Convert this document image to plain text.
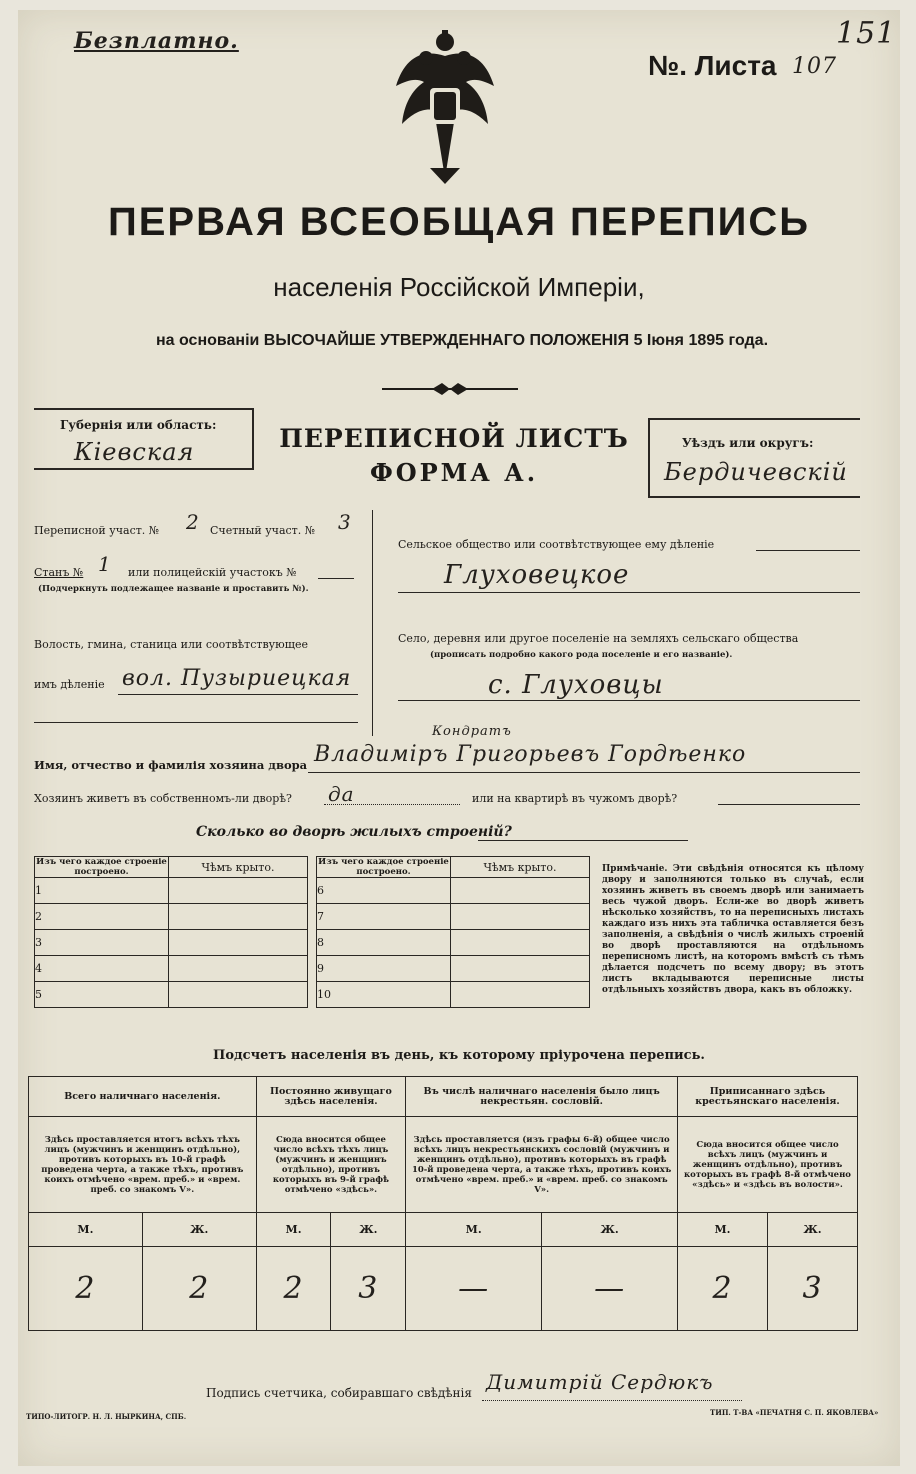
Безплатно.
№. Листа 107
151
ПЕРВАЯ ВСЕОБЩАЯ ПЕРЕПИСЬ
населенія Россійской Имперіи,
на основаніи ВЫСОЧАЙШЕ УТВЕРЖДЕННАГО ПОЛОЖЕНІЯ 5 Іюня 1895 года.
Губернія или область:
Кіевская	ПЕРЕПИСНОЙ ЛИСТЪ
ФОРМА А.
Уѣздъ или округъ:
Бердичевскій
Переписной участ. № 2 Счетный участ. № 3
Станъ № 1 или полицейскій участокъ №
(Подчеркнуть подлежащее названіе и проставить №).
Волость, гмина, станица или соотвѣтствующее
имъ дѣленіе вол. Пузыриецкая
Сельское общество или соотвѣтствующее ему дѣленіе
Глуховецкое
Село, деревня или другое поселеніе на земляхъ сельскаго общества
(прописать подробно какого рода поселеніе и его названіе).
с. Глуховцы
Кондратъ
Имя, отчество и фамилія хозяина двора Владиміръ Григорьевъ Гордѣенко
Хозяинъ живетъ въ собственномъ-ли дворѣ? да	или на квартирѣ въ чужомъ дворѣ?
Сколько во дворѣ жилыхъ строеній?
Изъ чего каждое строеніе построено.	Чѣмъ крыто.
1	
2	
3	
4	
5	
Изъ чего каждое строеніе построено.	Чѣмъ крыто.
6	
7	
8	
9	
10	
Примѣчаніе. Эти свѣдѣнія относятся къ цѣлому двору и заполняются только въ случаѣ, если хозяинъ живетъ въ своемъ дворѣ или занимаетъ весь чужой дворъ. Если-же во дворѣ живетъ нѣсколько хозяйствъ, то на переписныхъ листахъ каждаго изъ нихъ эта табличка оставляется безъ заполненія, а свѣдѣнія о числѣ жилыхъ строеній во дворѣ проставляются на отдѣльномъ переписномъ листѣ, на которомъ вмѣстѣ съ тѣмъ дѣлается подсчетъ по всему двору; въ этотъ листъ вкладываются переписные листы отдѣльныхъ хозяйствъ двора, какъ въ обложку.
Подсчетъ населенія въ день, къ которому пріурочена перепись.
Всего наличнаго населенія.		Постоянно живущаго здѣсь населенія.		Въ числѣ наличнаго населенія было лицъ некрестьян. сословій.		Приписаннаго здѣсь крестьянскаго населенія.	
Здѣсь проставляется итогъ всѣхъ тѣхъ лицъ (мужчинъ и женщинъ отдѣльно), противъ которыхъ въ 10-й графѣ проведена черта, а также тѣхъ, противъ коихъ отмѣчено «врем. преб.» и «врем. преб. со знакомъ V».		Сюда вносится общее число всѣхъ тѣхъ лицъ (мужчинъ и женщинъ отдѣльно), противъ которыхъ въ 9-й графѣ отмѣчено «здѣсь».		Здѣсь проставляется (изъ графы 6-й) общее число всѣхъ лицъ некрестьянскихъ сословій (мужчинъ и женщинъ отдѣльно), противъ которыхъ въ графѣ 10-й проведена черта, а также тѣхъ, противъ коихъ отмѣчено «врем. преб.» и «врем. преб. со знакомъ V».		Сюда вносится общее число всѣхъ лицъ (мужчинъ и женщинъ отдѣльно), противъ которыхъ въ графѣ 8-й отмѣчено «здѣсь» и «здѣсь въ волости».	
М.	Ж.	М.	Ж.	М.	Ж.	М.	Ж.
2	2	2	3	—	—	2	3
Подпись счетчика, собиравшаго свѣдѣнія Димитрій Сердюкъ
ТИПО-ЛИТОГР. Н. Л. НЫРКИНА, СПБ.	ТИП. Т-ВА «ПЕЧАТНЯ С. П. ЯКОВЛЕВА»
